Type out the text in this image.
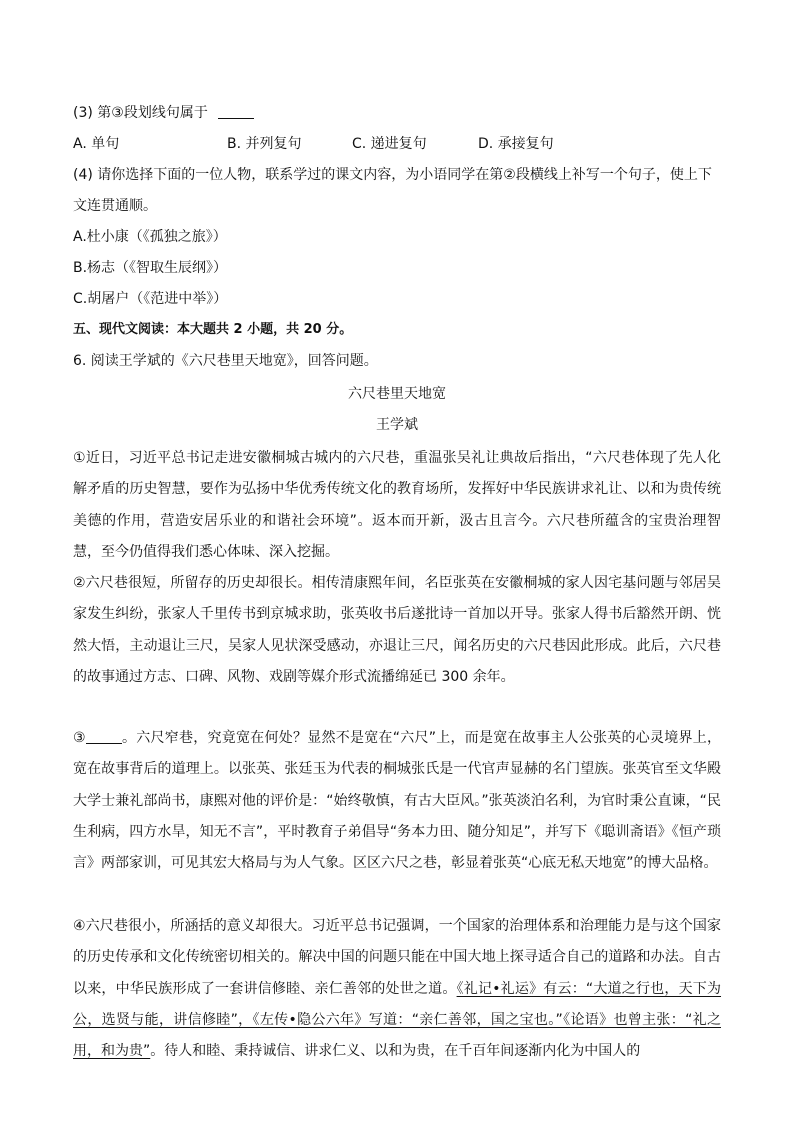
(3) 第③段划线句属于
A. 单句	B. 并列复句	C. 递进复句	D. 承接复句
(4) 请你选择下面的一位人物，联系学过的课文内容，为小语同学在第②段横线上补写一个句子，使上下
文连贯通顺。
A.杜小康（《孤独之旅》）
B.杨志（《智取生辰纲》）
C.胡屠户（《范进中举》）
五、现代文阅读：本大题共 2 小题，共 20 分。
6. 阅读王学斌的《六尺巷里天地宽》，回答问题。
六尺巷里天地宽
王学斌
①近日，习近平总书记走进安徽桐城古城内的六尺巷，重温张吴礼让典故后指出，“六尺巷体现了先人化解矛盾的历史智慧，要作为弘扬中华优秀传统文化的教育场所，发挥好中华民族讲求礼让、以和为贵传统美德的作用，营造安居乐业的和谐社会环境”。返本而开新，汲古且言今。六尺巷所蕴含的宝贵治理智慧，至今仍值得我们悉心体味、深入挖掘。
②六尺巷很短，所留存的历史却很长。相传清康熙年间，名臣张英在安徽桐城的家人因宅基问题与邻居吴家发生纠纷，张家人千里传书到京城求助，张英收书后遂批诗一首加以开导。张家人得书后豁然开朗、恍然大悟，主动退让三尺，吴家人见状深受感动，亦退让三尺，闻名历史的六尺巷因此形成。此后，六尺巷的故事通过方志、口碑、风物、戏剧等媒介形式流播绵延已 300 余年。
③	。六尺窄巷，究竟宽在何处？显然不是宽在“六尺”上，而是宽在故事主人公张英的心灵境界上，宽在故事背后的道理上。以张英、张廷玉为代表的桐城张氏是一代官声显赫的名门望族。张英官至文华殿大学士兼礼部尚书，康熙对他的评价是：“始终敬慎，有古大臣风。”张英淡泊名利，为官时秉公直谏，“民生利病，四方水旱，知无不言”，平时教育子弟倡导“务本力田、随分知足”，并写下《聪训斋语》《恒产琐言》两部家训，可见其宏大格局与为人气象。区区六尺之巷，彰显着张英“心底无私天地宽”的博大品格。
④六尺巷很小，所涵括的意义却很大。习近平总书记强调，一个国家的治理体系和治理能力是与这个国家的历史传承和文化传统密切相关的。解决中国的问题只能在中国大地上探寻适合自己的道路和办法。自古以来，中华民族形成了一套讲信修睦、亲仁善邻的处世之道。《礼记•礼运》有云：“大道之行也，天下为公，选贤与能，讲信修睦”，《左传•隐公六年》写道：“亲仁善邻，国之宝也。”《论语》也曾主张：“礼之用，和为贵”。待人和睦、秉持诚信、讲求仁义、以和为贵，在千百年间逐渐内化为中国人的
